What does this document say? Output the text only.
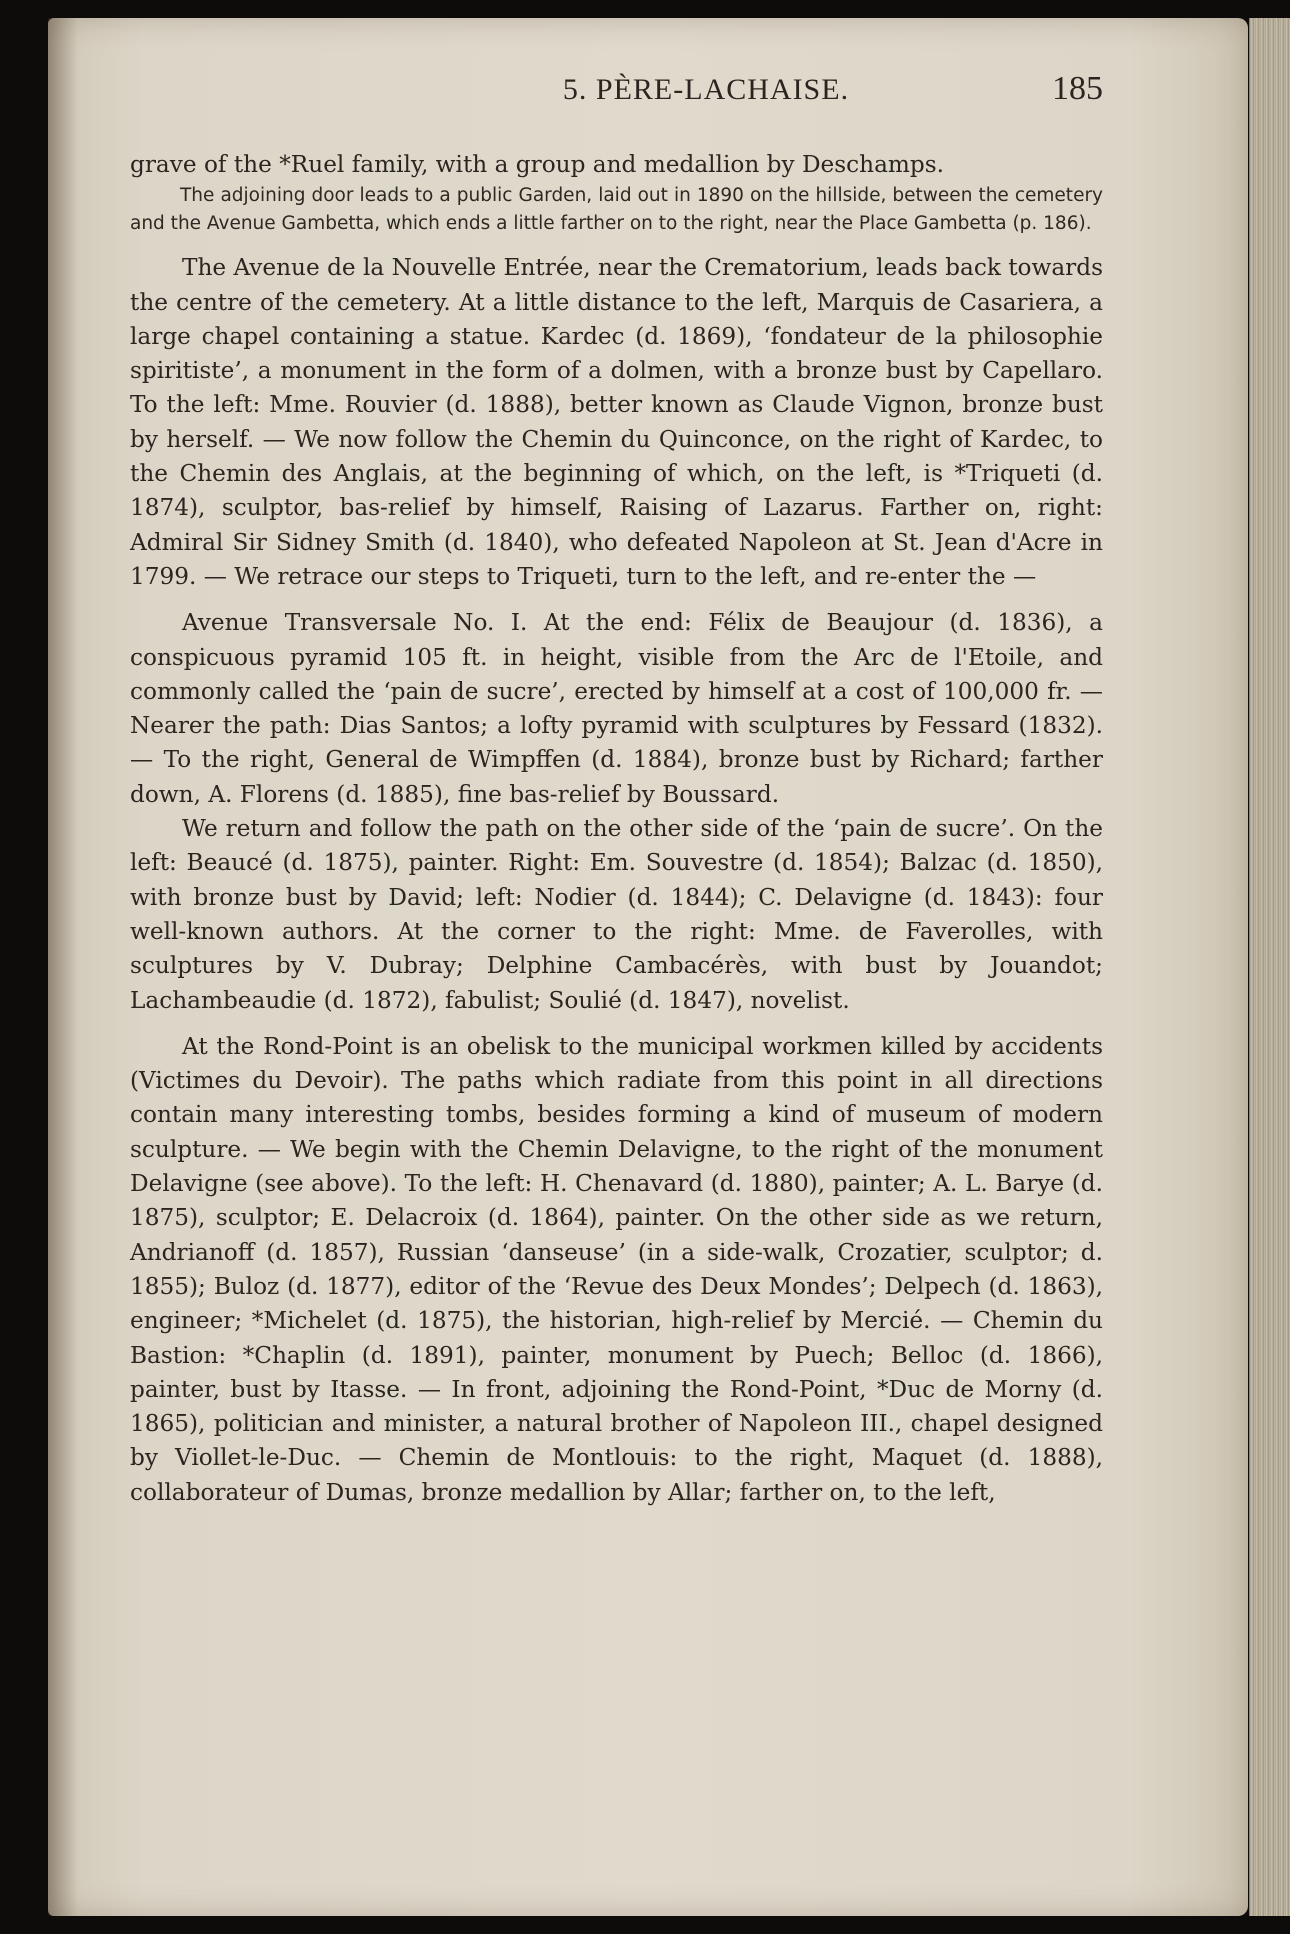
5. PÈRE-LACHAISE.	185

grave of the *Ruel family, with a group and medallion by Deschamps.

The adjoining door leads to a public Garden, laid out in 1890 on the hillside, between the cemetery and the Avenue Gambetta, which ends a little farther on to the right, near the Place Gambetta (p. 186).

The Avenue de la Nouvelle Entrée, near the Crematorium, leads back towards the centre of the cemetery. At a little distance to the left, Marquis de Casariera, a large chapel containing a statue. Kardec (d. 1869), ‘fondateur de la philosophie spiritiste’, a monument in the form of a dolmen, with a bronze bust by Capellaro. To the left: Mme. Rouvier (d. 1888), better known as Claude Vignon, bronze bust by herself. — We now follow the Chemin du Quinconce, on the right of Kardec, to the Chemin des Anglais, at the beginning of which, on the left, is *Triqueti (d. 1874), sculptor, bas-relief by himself, Raising of Lazarus. Farther on, right: Admiral Sir Sidney Smith (d. 1840), who defeated Napoleon at St. Jean d'Acre in 1799. — We retrace our steps to Triqueti, turn to the left, and re-enter the —

Avenue Transversale No. I. At the end: Félix de Beaujour (d. 1836), a conspicuous pyramid 105 ft. in height, visible from the Arc de l'Etoile, and commonly called the ‘pain de sucre’, erected by himself at a cost of 100,000 fr. — Nearer the path: Dias Santos; a lofty pyramid with sculptures by Fessard (1832). — To the right, General de Wimpffen (d. 1884), bronze bust by Richard; farther down, A. Florens (d. 1885), fine bas-relief by Boussard.

We return and follow the path on the other side of the ‘pain de sucre’. On the left: Beaucé (d. 1875), painter. Right: Em. Souvestre (d. 1854); Balzac (d. 1850), with bronze bust by David; left: Nodier (d. 1844); C. Delavigne (d. 1843): four well-known authors. At the corner to the right: Mme. de Faverolles, with sculptures by V. Dubray; Delphine Cambacérès, with bust by Jouandot; Lachambeaudie (d. 1872), fabulist; Soulié (d. 1847), novelist.

At the Rond-Point is an obelisk to the municipal workmen killed by accidents (Victimes du Devoir). The paths which radiate from this point in all directions contain many interesting tombs, besides forming a kind of museum of modern sculpture. — We begin with the Chemin Delavigne, to the right of the monument Delavigne (see above). To the left: H. Chenavard (d. 1880), painter; A. L. Barye (d. 1875), sculptor; E. Delacroix (d. 1864), painter. On the other side as we return, Andrianoff (d. 1857), Russian ‘danseuse’ (in a side-walk, Crozatier, sculptor; d. 1855); Buloz (d. 1877), editor of the ‘Revue des Deux Mondes’; Delpech (d. 1863), engineer; *Michelet (d. 1875), the historian, high-relief by Mercié. — Chemin du Bastion: *Chaplin (d. 1891), painter, monument by Puech; Belloc (d. 1866), painter, bust by Itasse. — In front, adjoining the Rond-Point, *Duc de Morny (d. 1865), politician and minister, a natural brother of Napoleon III., chapel designed by Viollet-le-Duc. — Chemin de Montlouis: to the right, Maquet (d. 1888), collaborateur of Dumas, bronze medallion by Allar; farther on, to the left,
